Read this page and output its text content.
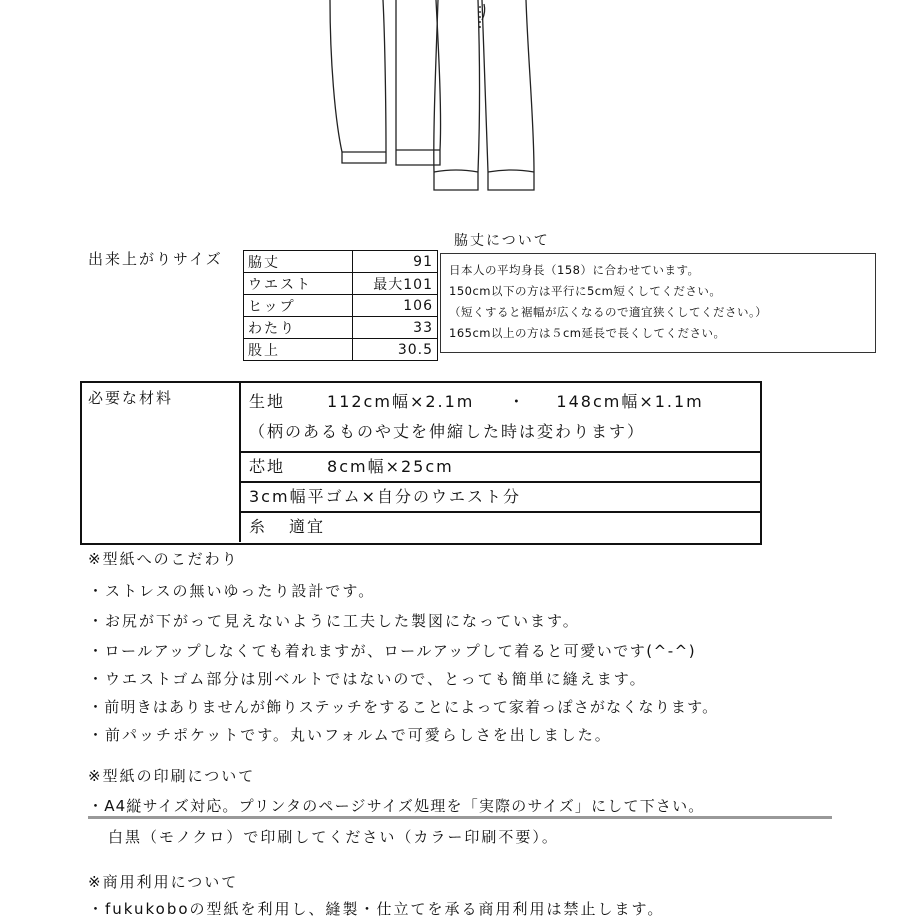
出来上がりサイズ 脇丈	91
ウエスト	最大101
ヒップ	106
わたり	33
股上	30.5
脇丈について
日本人の平均身長（158）に合わせています。
150cm以下の方は平行に5cm短くしてください。
（短くすると裾幅が広くなるので適宜狭くしてください。）
165cm以上の方は５cm延長で長くしてください。
必要な材料	生地	112cm幅×2.1m ・ 148cm幅×1.1m
（柄のあるものや丈を伸縮した時は変わります）
芯地	8cm幅×25cm
3cm幅平ゴム×自分のウエスト分
糸 適宜
※型紙へのこだわり
・ストレスの無いゆったり設計です。
・お尻が下がって見えないように工夫した製図になっています。
・ロールアップしなくても着れますが、ロールアップして着ると可愛いです(^-^)
・ウエストゴム部分は別ベルトではないので、とっても簡単に縫えます。
・前明きはありませんが飾りステッチをすることによって家着っぽさがなくなります。
・前パッチポケットです。丸いフォルムで可愛らしさを出しました。
※型紙の印刷について
・A4縦サイズ対応。プリンタのページサイズ処理を「実際のサイズ」にして下さい。
白黒（モノクロ）で印刷してください（カラー印刷不要）。
※商用利用について
・fukukoboの型紙を利用し、縫製・仕立てを承る商用利用は禁止します。
